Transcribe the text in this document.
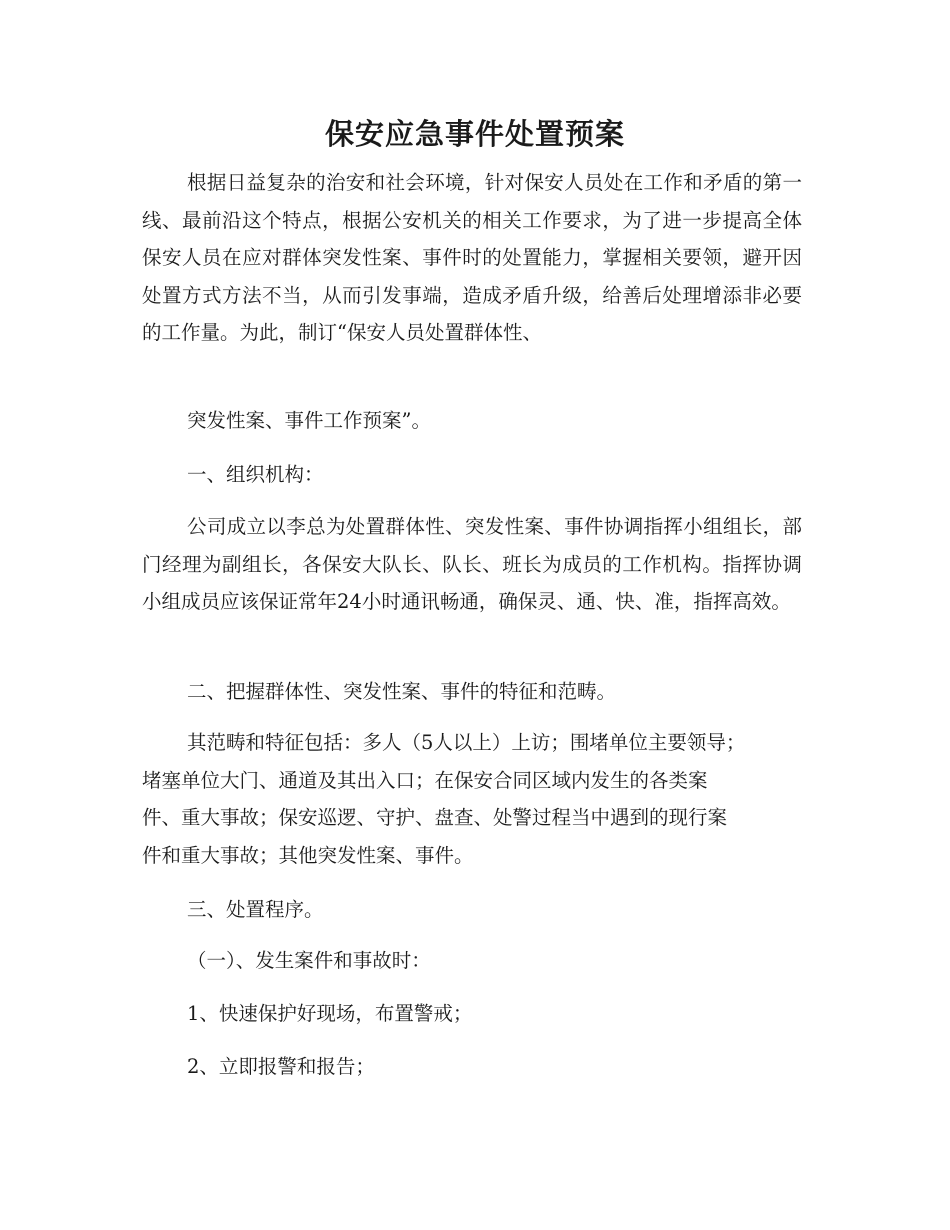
保安应急事件处置预案

根据日益复杂的治安和社会环境，针对保安人员处在工作和矛盾的第一线、最前沿这个特点，根据公安机关的相关工作要求，为了进一步提高全体保安人员在应对群体突发性案、事件时的处置能力，掌握相关要领，避开因处置方式方法不当，从而引发事端，造成矛盾升级，给善后处理增添非必要的工作量。为此，制订“保安人员处置群体性、

突发性案、事件工作预案”。

一、组织机构：

公司成立以李总为处置群体性、突发性案、事件协调指挥小组组长，部门经理为副组长，各保安大队长、队长、班长为成员的工作机构。指挥协调小组成员应该保证常年24小时通讯畅通，确保灵、通、快、准，指挥高效。

二、把握群体性、突发性案、事件的特征和范畴。

其范畴和特征包括：多人（5人以上）上访；围堵单位主要领导；

堵塞单位大门、通道及其出入口；在保安合同区域内发生的各类案

件、重大事故；保安巡逻、守护、盘查、处警过程当中遇到的现行案

件和重大事故；其他突发性案、事件。

三、处置程序。

（一）、发生案件和事故时：

1、快速保护好现场，布置警戒；

2、立即报警和报告；
